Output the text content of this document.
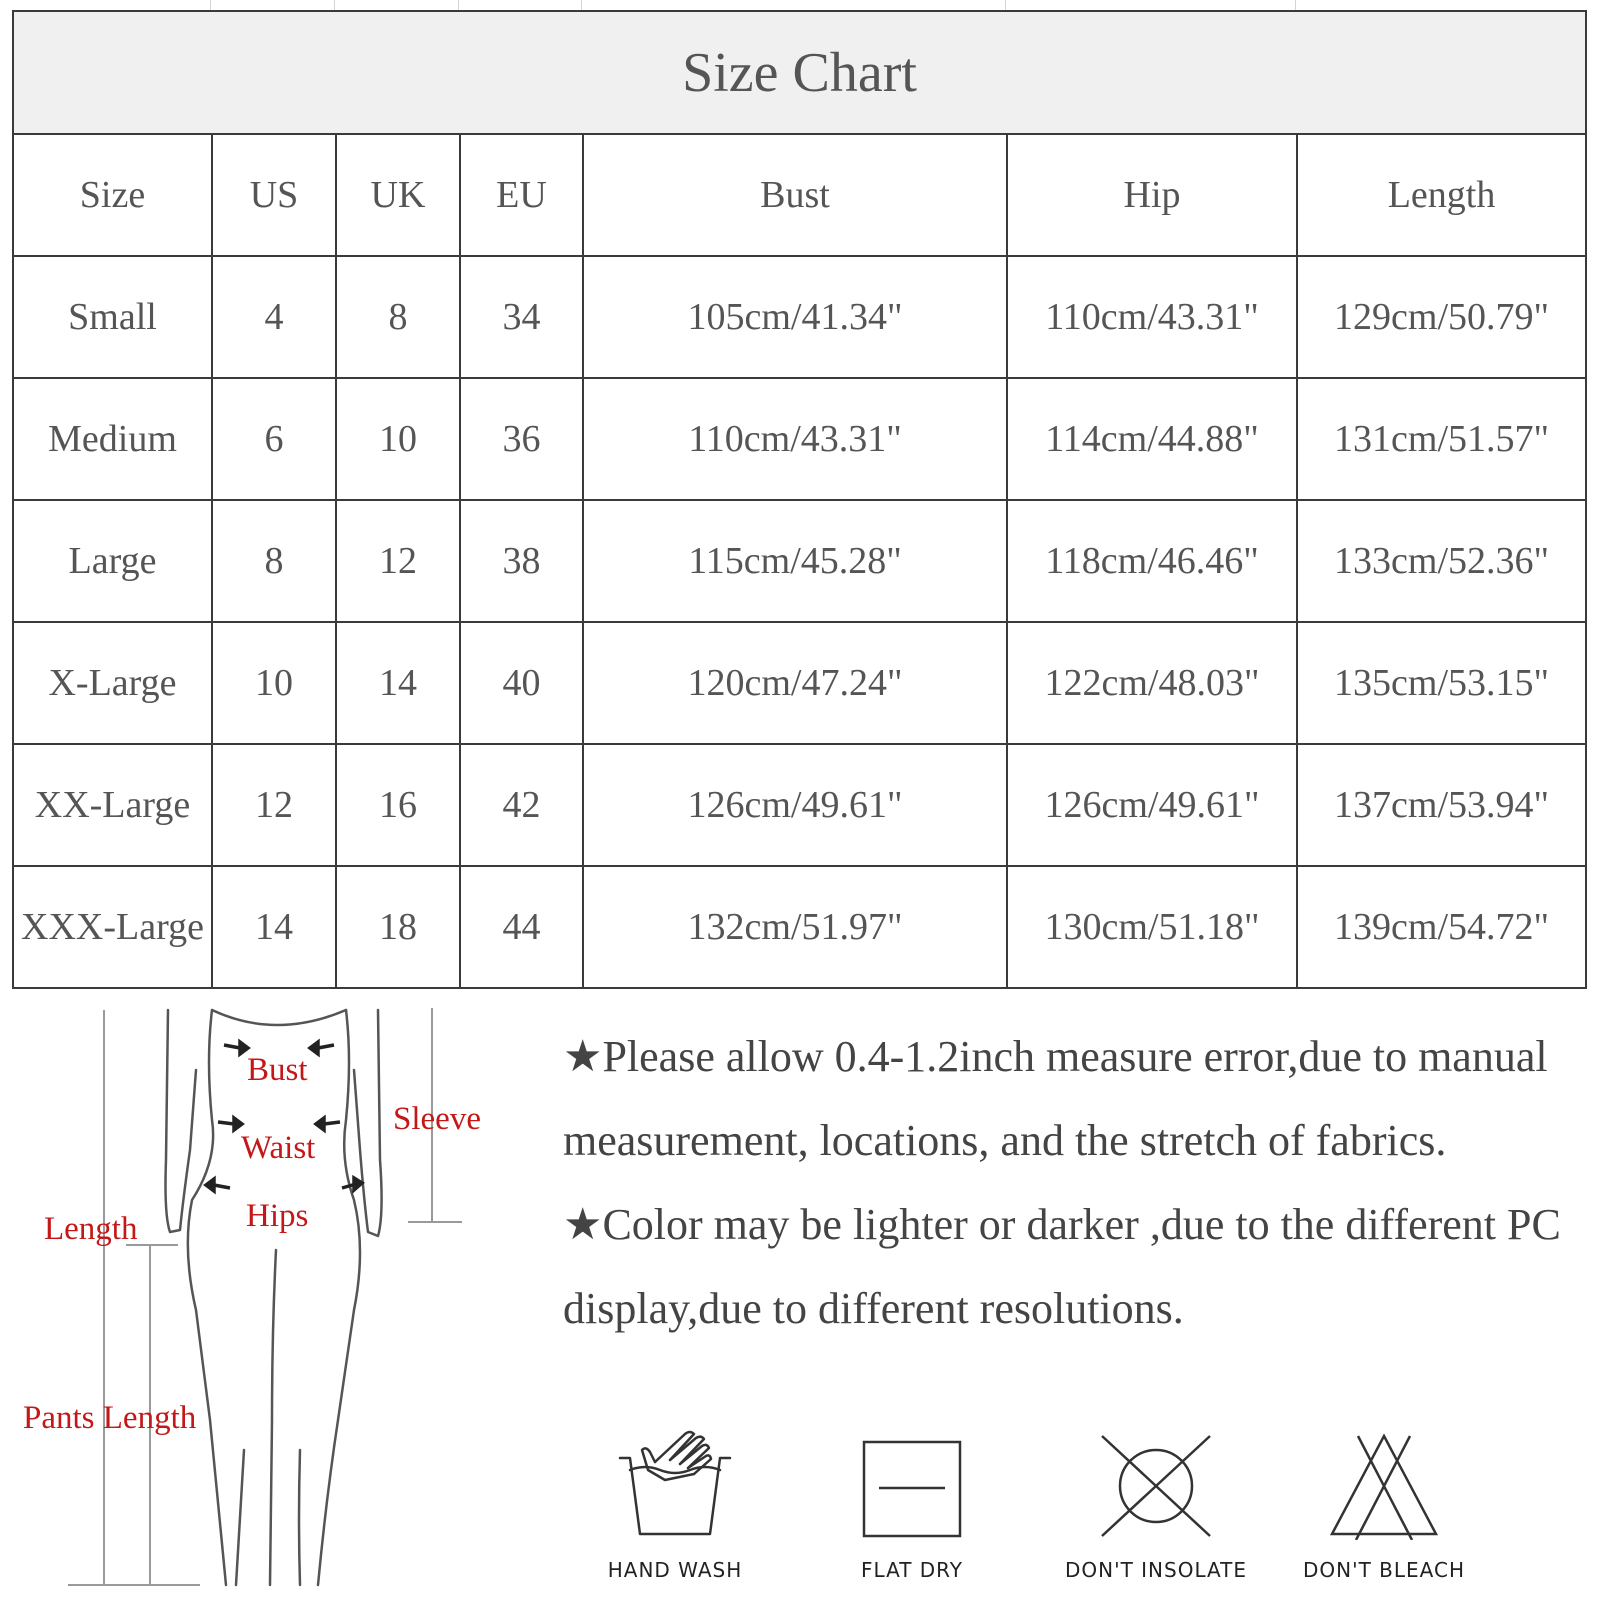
Size Chart						
Size	US	UK	EU	Bust	Hip	Length
Small	4	8	34	105cm/41.34"	110cm/43.31"	129cm/50.79"
Medium	6	10	36	110cm/43.31"	114cm/44.88"	131cm/51.57"
Large	8	12	38	115cm/45.28"	118cm/46.46"	133cm/52.36"
X-Large	10	14	40	120cm/47.24"	122cm/48.03"	135cm/53.15"
XX-Large	12	16	42	126cm/49.61"	126cm/49.61"	137cm/53.94"
XXX-Large	14	18	44	132cm/51.97"	130cm/51.18"	139cm/54.72"
Bust
Waist
Hips
Sleeve
Length
Pants Length

★Please allow 0.4-1.2inch measure error,due to manual measurement, locations, and the stretch of fabrics.

★Color may be lighter or darker ,due to the different PC display,due to different resolutions.

HAND WASH	FLAT DRY	DON'T INSOLATE	DON'T BLEACH
